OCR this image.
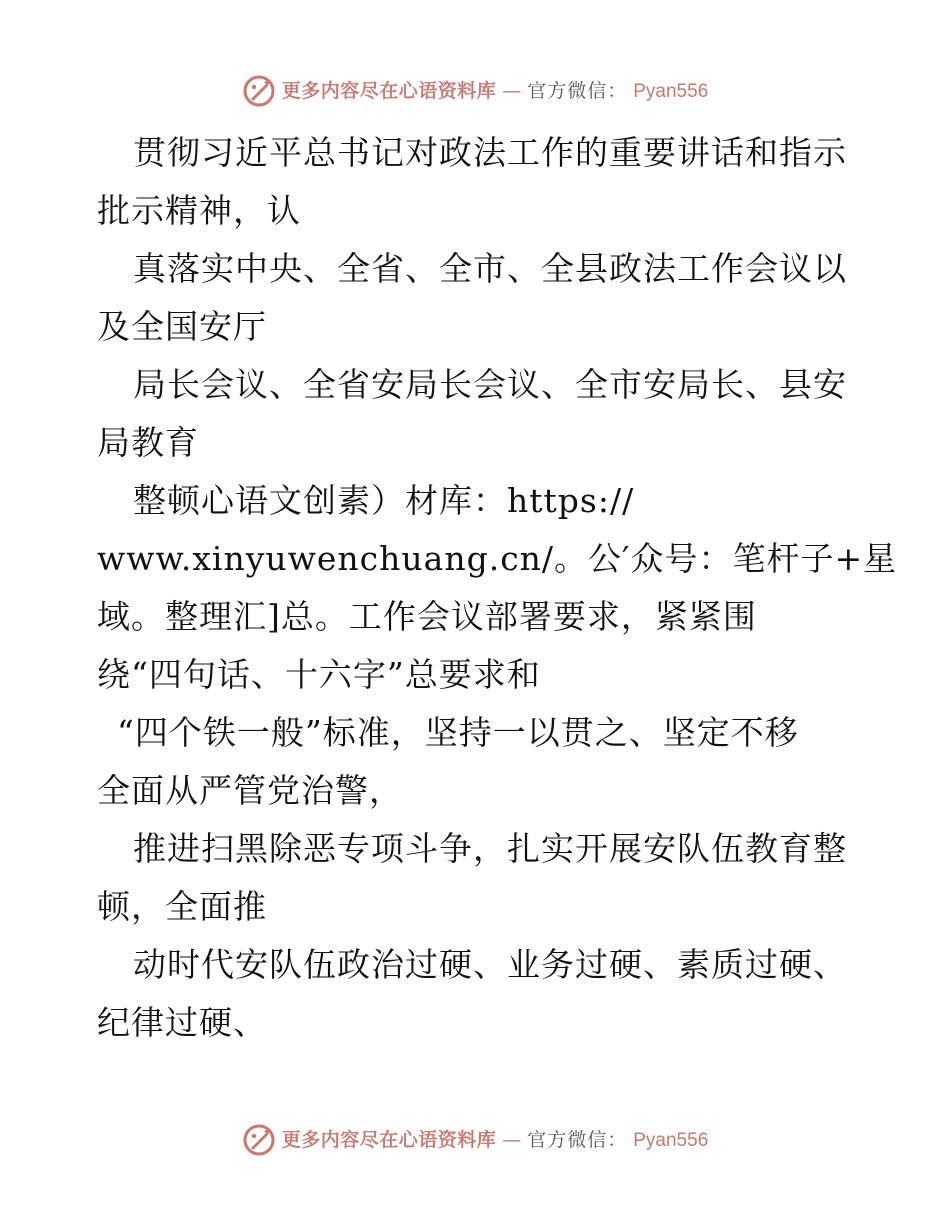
更多内容尽在心语资料库 — 官方微信： Pyan556
贯彻习近平总书记对政法工作的重要讲话和指示
批示精神，认
真落实中央、全省、全市、全县政法工作会议以
及全国安厅
局长会议、全省安局长会议、全市安局长、县安
局教育
整顿心语文创素）材库：https://
www.xinyuwenchuang.cn/。公′众号：笔杆子+星
域。整理汇]总。工作会议部署要求，紧紧围
绕“四句话、十六字”总要求和
“四个铁一般”标准，坚持一以贯之、坚定不移
全面从严管党治警，
推进扫黑除恶专项斗争，扎实开展安队伍教育整
顿，全面推
动时代安队伍政治过硬、业务过硬、素质过硬、
纪律过硬、
更多内容尽在心语资料库 — 官方微信： Pyan556
